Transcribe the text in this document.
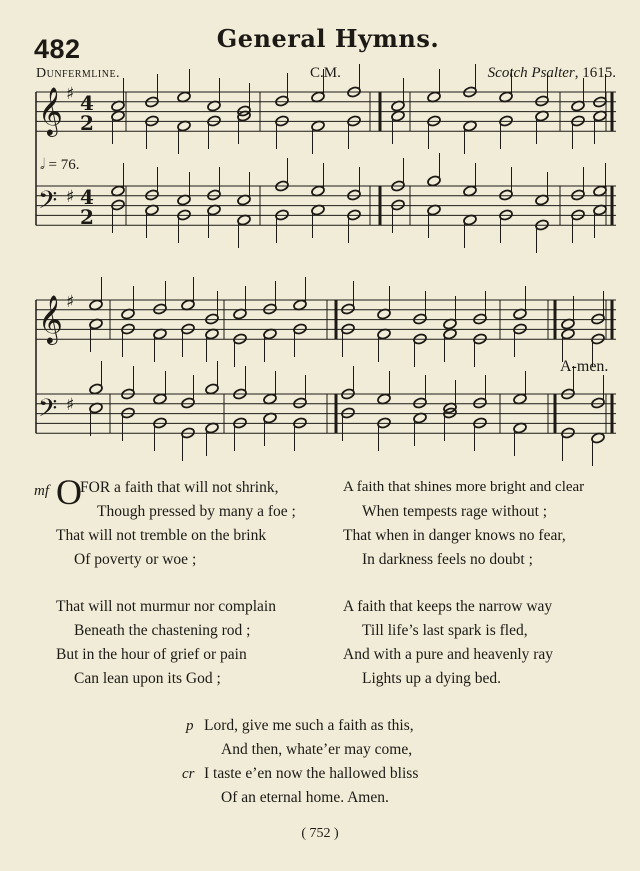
482	General Hymns.
Dunfermline.	C.M.	Scotch Psalter, 1615.
𝄞 ♯ 4
2
𝄢 ♯ 4
2
𝄞 ♯
𝄢 ♯
𝅗𝅥 = 76.
A-men.
mf O
FOR a faith that will not shrink,
Though pressed by many a foe ;
That will not tremble on the brink
Of poverty or woe ;
That will not murmur nor complain
Beneath the chastening rod ;
But in the hour of grief or pain
Can lean upon its God ;
A faith that shines more bright and clear
When tempests rage without ;
That when in danger knows no fear,
In darkness feels no doubt ;
A faith that keeps the narrow way
Till life’s last spark is fled,
And with a pure and heavenly ray
Lights up a dying bed.
p Lord, give me such a faith as this,
And then, whate’er may come,
cr I taste e’en now the hallowed bliss
Of an eternal home. Amen.
( 752 )
